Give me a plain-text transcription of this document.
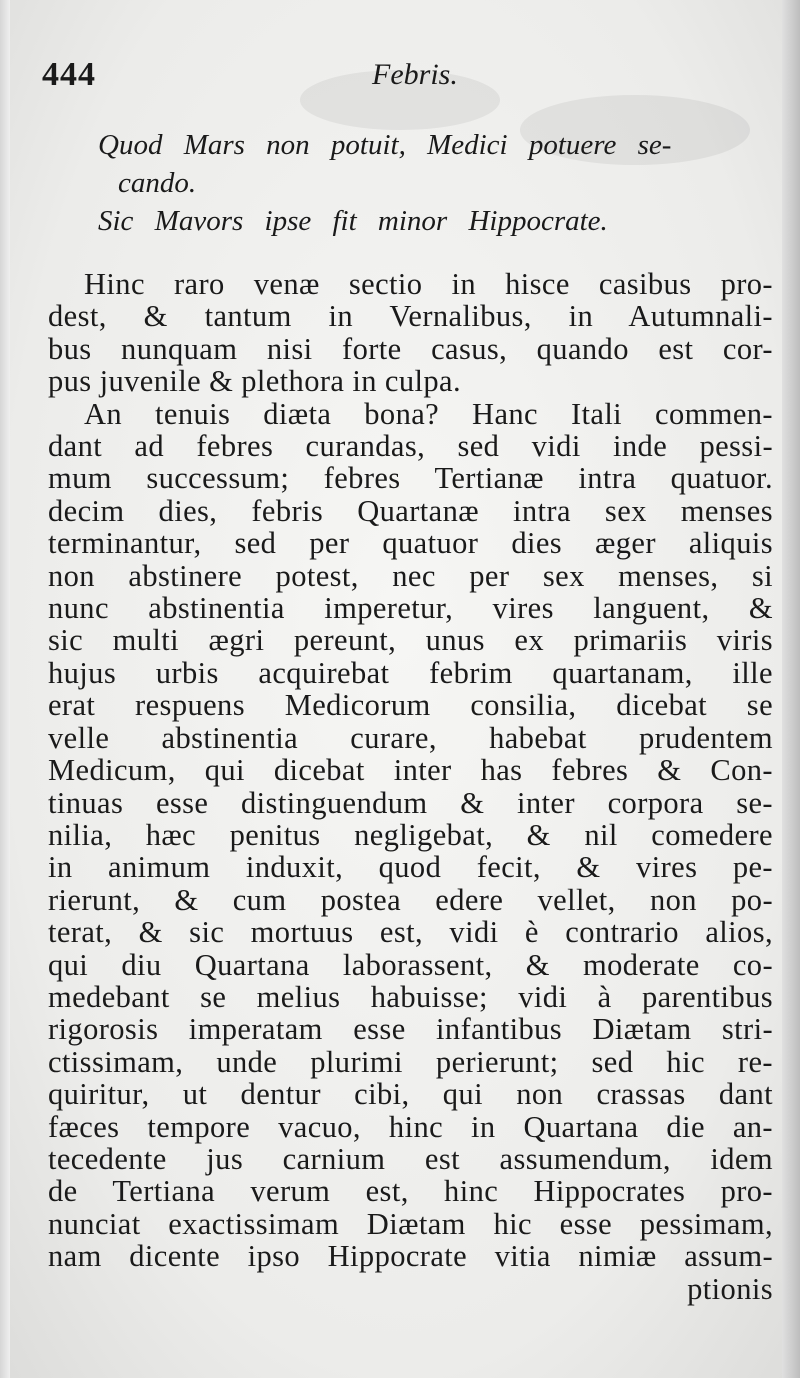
444	Febris.
Quod Mars non potuit, Medici potuere se-
cando.
Sic Mavors ipse fit minor Hippocrate.
Hinc raro venæ sectio in hisce casibus pro-
dest, & tantum in Vernalibus, in Autumnali-
bus nunquam nisi forte casus, quando est cor-
pus juvenile & plethora in culpa.
An tenuis diæta bona? Hanc Itali commen-
dant ad febres curandas, sed vidi inde pessi-
mum successum; febres Tertianæ intra quatuor.
decim dies, febris Quartanæ intra sex menses
terminantur, sed per quatuor dies æger aliquis
non abstinere potest, nec per sex menses, si
nunc abstinentia imperetur, vires languent, &
sic multi ægri pereunt, unus ex primariis viris
hujus urbis acquirebat febrim quartanam, ille
erat respuens Medicorum consilia, dicebat se
velle abstinentia curare, habebat prudentem
Medicum, qui dicebat inter has febres & Con-
tinuas esse distinguendum & inter corpora se-
nilia, hæc penitus negligebat, & nil comedere
in animum induxit, quod fecit, & vires pe-
rierunt, & cum postea edere vellet, non po-
terat, & sic mortuus est, vidi è contrario alios,
qui diu Quartana laborassent, & moderate co-
medebant se melius habuisse; vidi à parentibus
rigorosis imperatam esse infantibus Diætam stri-
ctissimam, unde plurimi perierunt; sed hic re-
quiritur, ut dentur cibi, qui non crassas dant
fæces tempore vacuo, hinc in Quartana die an-
tecedente jus carnium est assumendum, idem
de Tertiana verum est, hinc Hippocrates pro-
nunciat exactissimam Diætam hic esse pessimam,
nam dicente ipso Hippocrate vitia nimiæ assum-
ptionis
